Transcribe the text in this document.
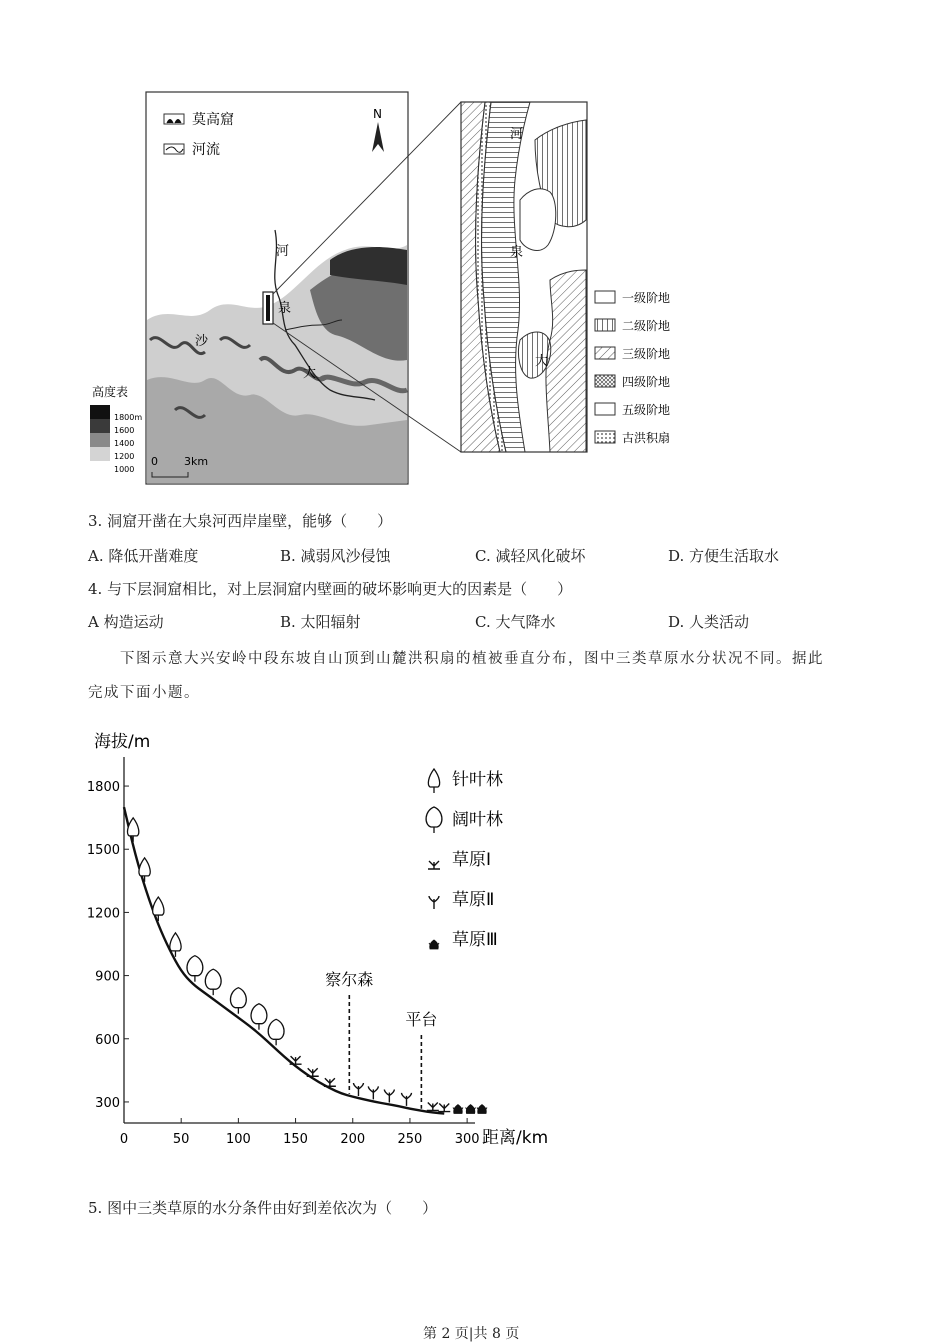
莫高窟
河流
N
河
泉
大
沙
高度表
1800m
1600
1400
1200
1000
0 3km
河
泉
大
一级阶地
二级阶地
三级阶地
四级阶地
五级阶地
古洪积扇
3. 洞窟开凿在大泉河西岸崖壁，能够（　　）
A. 降低开凿难度	B. 减弱风沙侵蚀	C. 减轻风化破坏	D. 方便生活取水
4. 与下层洞窟相比，对上层洞窟内壁画的破坏影响更大的因素是（　　）
A 构造运动	B. 太阳辐射	C. 大气降水	D. 人类活动
下图示意大兴安岭中段东坡自山顶到山麓洪积扇的植被垂直分布，图中三类草原水分状况不同。据此
完成下面小题。
海拔/m
距离/km
300
600
900
1200
1500
1800
0	50	100 150 200 250 300
察尔森
平台
针叶林
阔叶林
草原Ⅰ
草原Ⅱ
草原Ⅲ
5. 图中三类草原的水分条件由好到差依次为（　　）
第 2 页|共 8 页
